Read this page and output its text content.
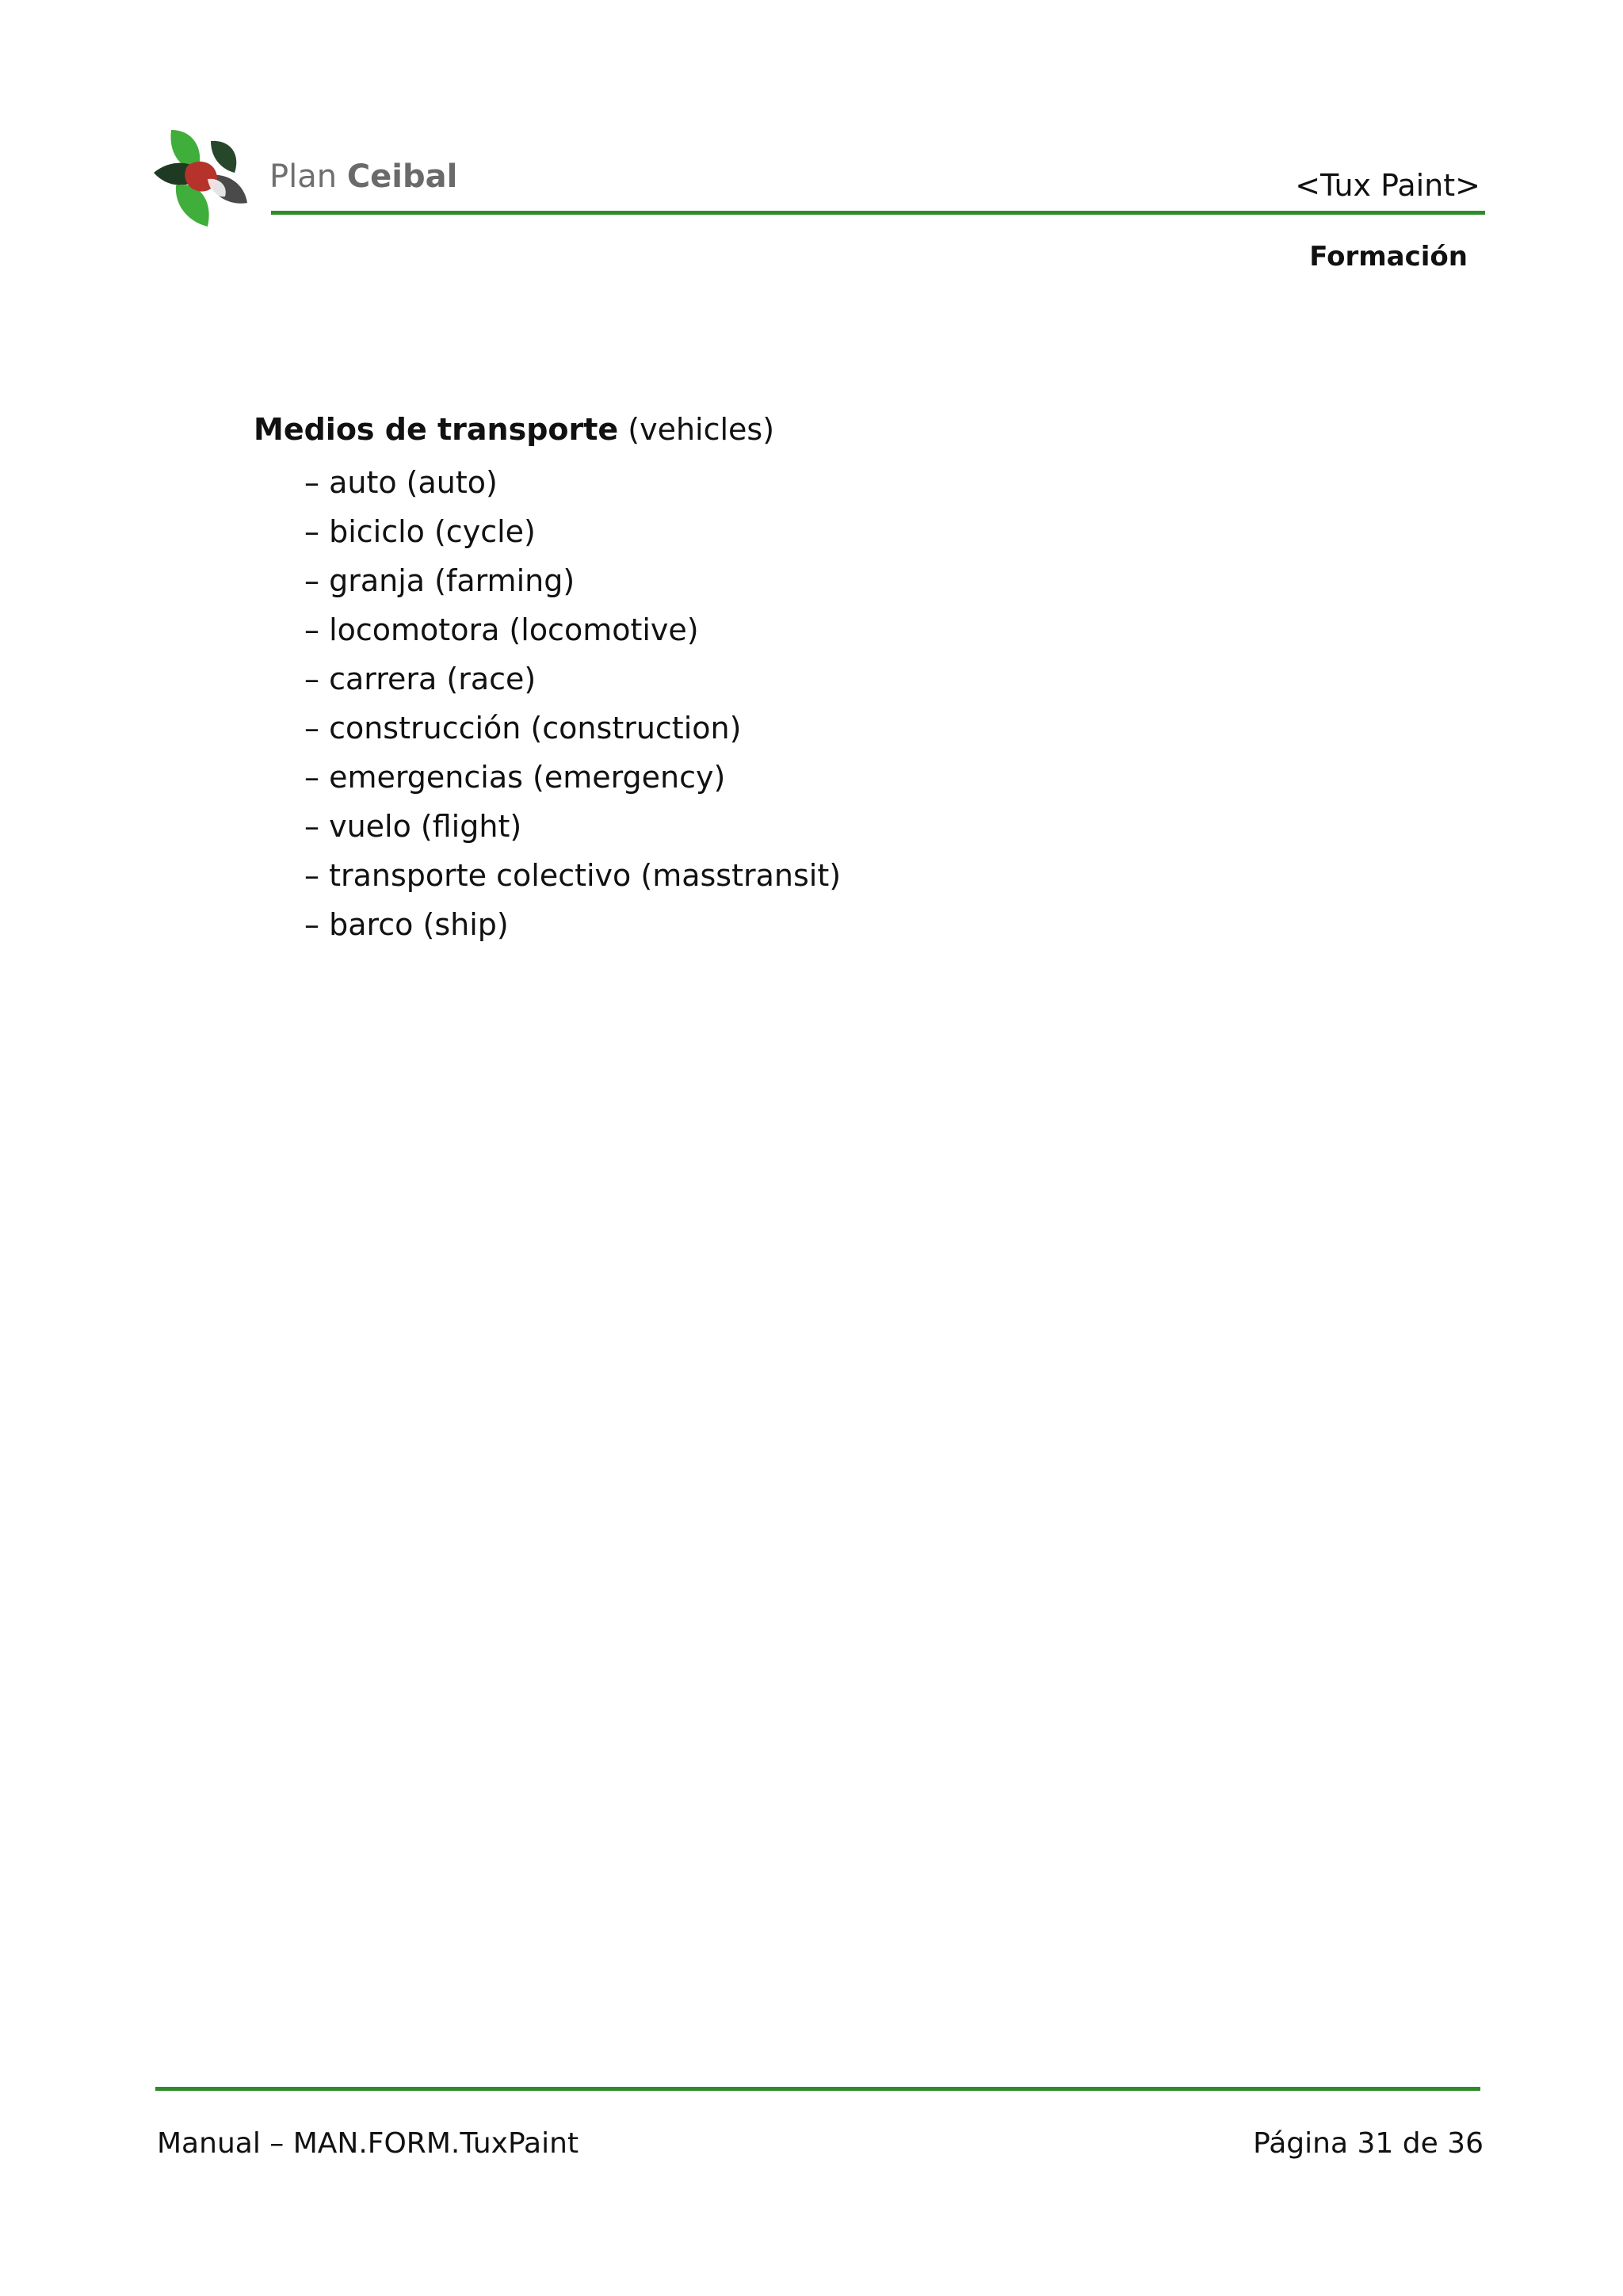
Plan Ceibal	<Tux Paint>
Formación
Medios de transporte (vehicles)
– auto (auto)
– biciclo (cycle)
– granja (farming)
– locomotora (locomotive)
– carrera (race)
– construcción (construction)
– emergencias (emergency)
– vuelo (flight)
– transporte colectivo (masstransit)
– barco (ship)
Manual – MAN.FORM.TuxPaint	Página 31 de 36
